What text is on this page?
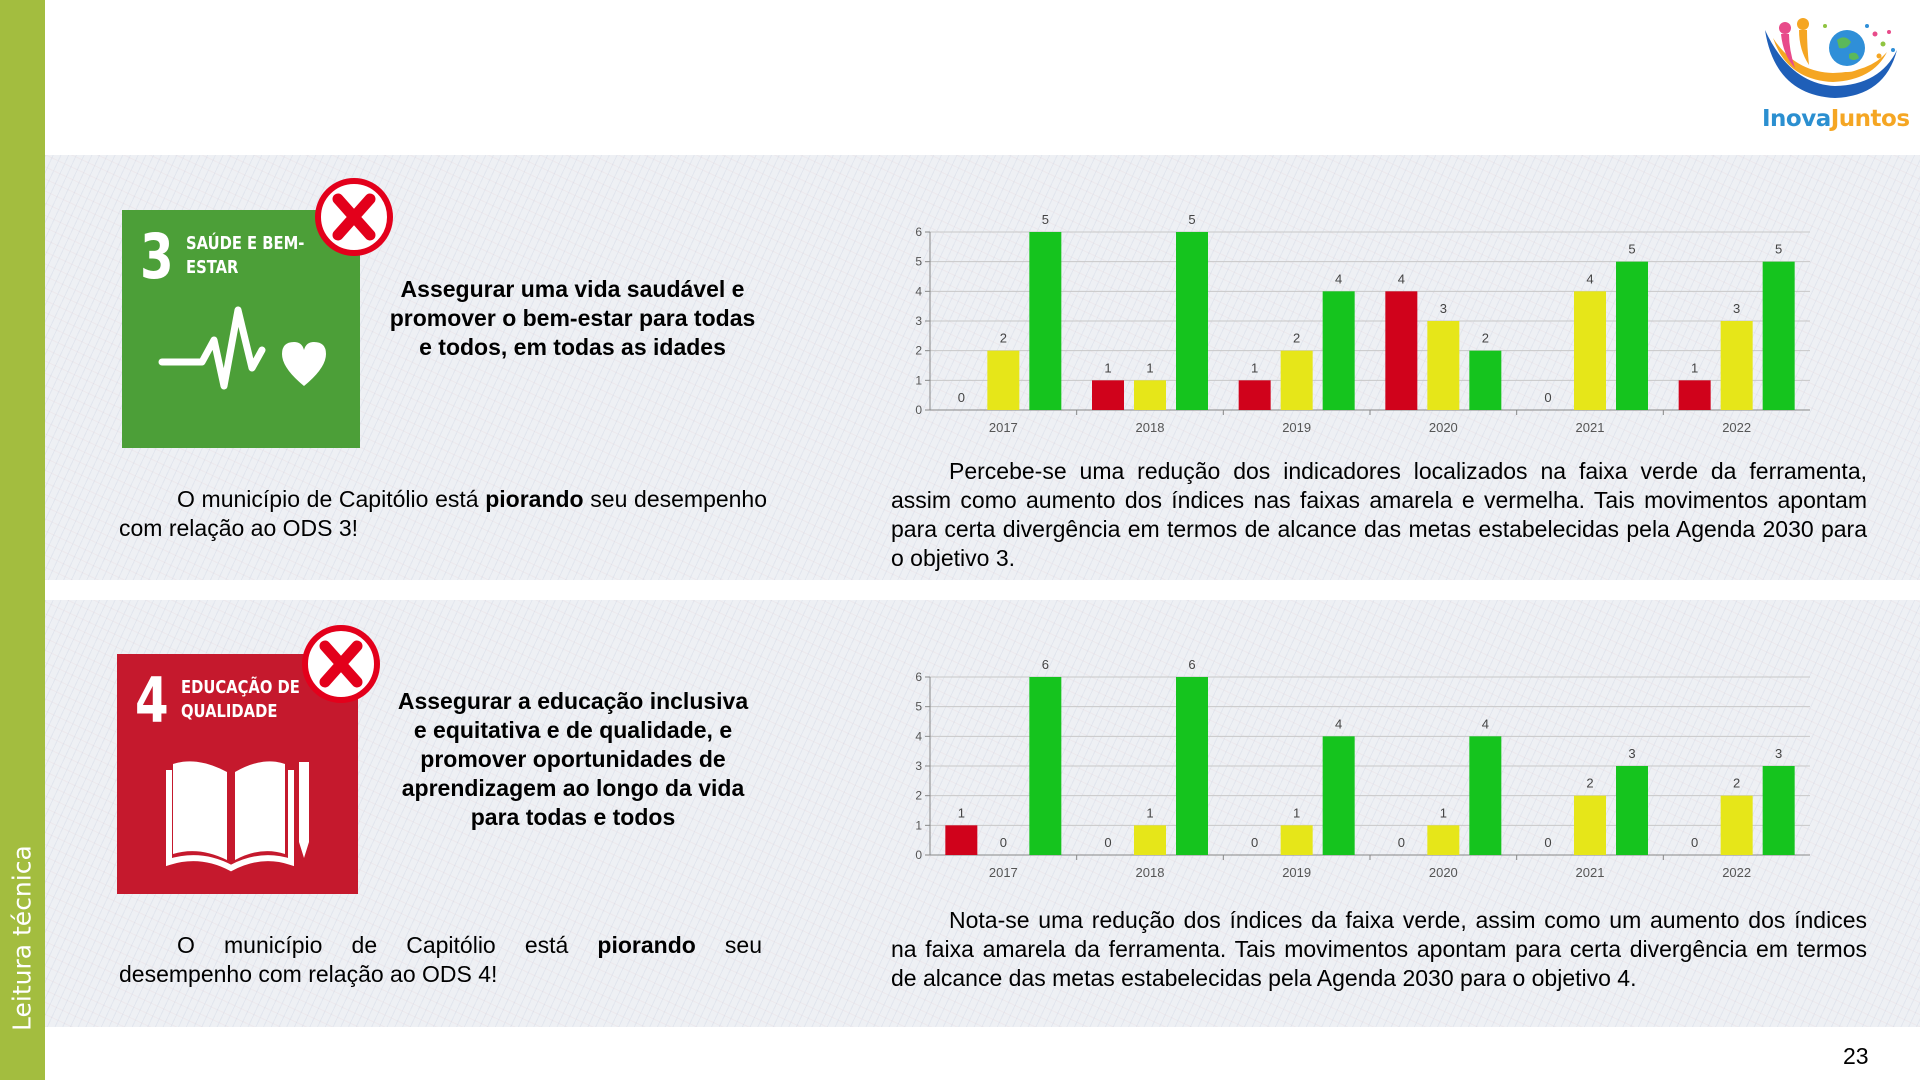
Leitura técnica
InovaJuntos
3 SAÚDE E BEM-ESTAR
Assegurar uma vida saudável e promover o bem-estar para todas e todos, em todas as idades
O município de Capitólio está piorando seu desempenho com relação ao ODS 3!
0
1
2
3
4
5
6
0
2
5
2017
1	1
5
2018
1
2
4
2019
4
3
2
2020
0
4
5
2021
1
3
5
2022
Percebe-se uma redução dos indicadores localizados na faixa verde da ferramenta, assim como aumento dos índices nas faixas amarela e vermelha. Tais movimentos apontam para certa divergência em termos de alcance das metas estabelecidas pela Agenda 2030 para o objetivo 3.
4 EDUCAÇÃO DE QUALIDADE	Assegurar a educação inclusiva e equitativa e de qualidade, e promover oportunidades de aprendizagem ao longo da vida para todas e todos
O município de Capitólio está piorando seu desempenho com relação ao ODS 4!
0
1
2
3
4
5
6
1
0
6
2017
0
1
6
2018
0
1
4
2019
0
1
4
2020
0
2
3
2021
0
2
3
2022
Nota-se uma redução dos índices da faixa verde, assim como um aumento dos índices na faixa amarela da ferramenta. Tais movimentos apontam para certa divergência em termos de alcance das metas estabelecidas pela Agenda 2030 para o objetivo 4.
23
